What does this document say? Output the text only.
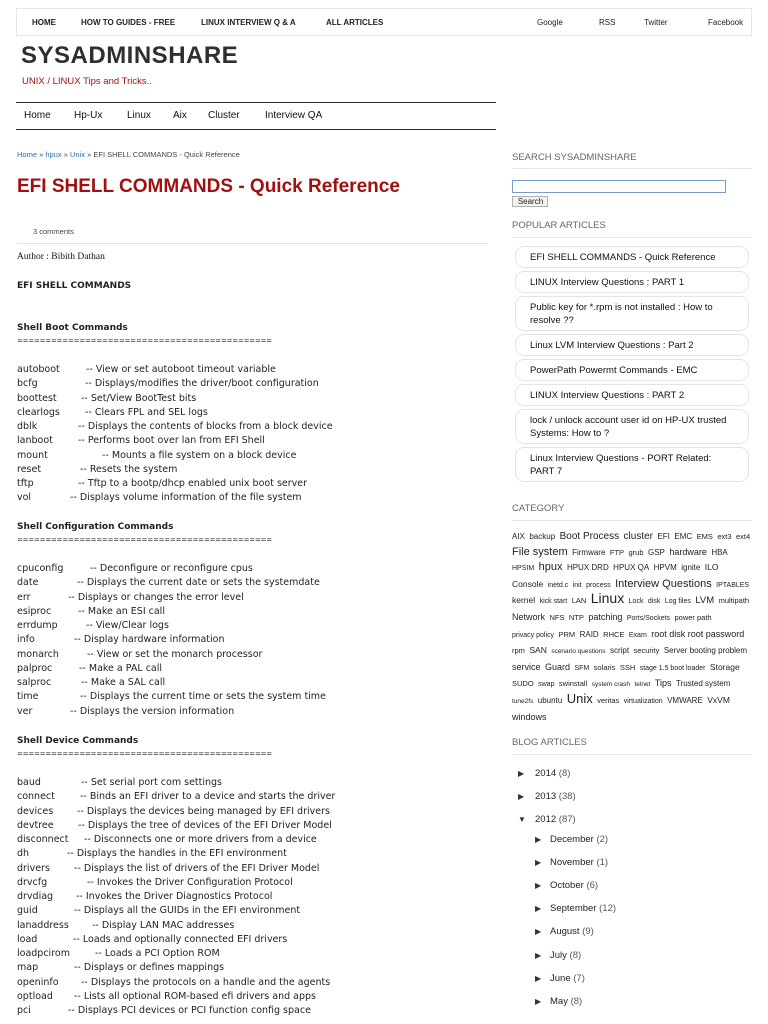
HOME	HOW TO GUIDES - FREE	LINUX INTERVIEW Q & A	ALL ARTICLES	Google	RSS	Twitter	Facebook
SYSADMINSHARE
UNIX / LINUX Tips and Tricks..
Home Hp-Ux Linux Aix Cluster	Interview QA
Home » hpux » Unix » EFI SHELL COMMANDS - Quick Reference
EFI SHELL COMMANDS - Quick Reference
3 comments
Author : Bibith Dathan
EFI SHELL COMMANDS
Shell Boot Commands
=============================================
autoboot	-- View or set autoboot timeout variable
bcfg	-- Displays/modifies the driver/boot configuration
boottest	-- Set/View BootTest bits
clearlogs	-- Clears FPL and SEL logs
dblk	-- Displays the contents of blocks from a block device
lanboot	-- Performs boot over lan from EFI Shell
mount	-- Mounts a file system on a block device
reset	-- Resets the system
tftp	-- Tftp to a bootp/dhcp enabled unix boot server
vol	-- Displays volume information of the file system
Shell Configuration Commands
=============================================
cpuconfig	-- Deconfigure or reconfigure cpus
date	-- Displays the current date or sets the systemdate
err	-- Displays or changes the error level
esiproc	-- Make an ESI call
errdump	-- View/Clear logs
info	-- Display hardware information
monarch	-- View or set the monarch processor
palproc	-- Make a PAL call
salproc	-- Make a SAL call
time	-- Displays the current time or sets the system time
ver	-- Displays the version information
Shell Device Commands
=============================================
baud	-- Set serial port com settings
connect	-- Binds an EFI driver to a device and starts the driver
devices	-- Displays the devices being managed by EFI drivers
devtree	-- Displays the tree of devices of the EFI Driver Model
disconnect -- Disconnects one or more drivers from a device
dh	-- Displays the handles in the EFI environment
drivers	-- Displays the list of drivers of the EFI Driver Model
drvcfg	-- Invokes the Driver Configuration Protocol
drvdiag -- Invokes the Driver Diagnostics Protocol
guid	-- Displays all the GUIDs in the EFI environment
lanaddress -- Display LAN MAC addresses
load	-- Loads and optionally connected EFI drivers
loadpcirom	-- Loads a PCI Option ROM
map	-- Displays or defines mappings
openinfo -- Displays the protocols on a handle and the agents
optload -- Lists all optional ROM-based efi drivers and apps
pci	-- Displays PCI devices or PCI function config space
SEARCH SYSADMINSHARE
Search
POPULAR ARTICLES
EFI SHELL COMMANDS - Quick Reference
LINUX Interview Questions : PART 1
Public key for *.rpm is not installed : How to resolve ??
Linux LVM Interview Questions : Part 2
PowerPath Powermt Commands - EMC
LINUX Interview Questions : PART 2
lock / unlock account user id on HP-UX trusted Systems: How to ?
Linux Interview Questions - PORT Related: PART 7
CATEGORY
AIX backup Boot Process cluster EFI EMC EMS ext3 ext4 File system Firmware FTP grub GSP hardware HBA HPSIM hpux HPUX DRD HPUX QA HPVM ignite ILO Console inetd.c init process Interview Questions IPTABLES kernel kick start LAN Linux Lock disk Log files LVM multipath Network NFS NTP patching Ports/Sockets power path privacy policy PRM RAID RHCE Exam root disk root password rpm SAN scenario questions script security Server booting problem service Guard SFM solaris SSH stage 1.5 boot loader Storage SUDO swap swinstall system crash telnet Tips Trusted system tune2fs ubuntu Unix veritas virtualization VMWARE VxVM windows
BLOG ARTICLES
▶ 2014 (8)
▶ 2013 (38)
▼ 2012 (87)
▶ December (2)
▶ November (1)
▶ October (6)
▶ September (12)
▶ August (9)
▶ July (8)
▶ June (7)
▶ May (8)
